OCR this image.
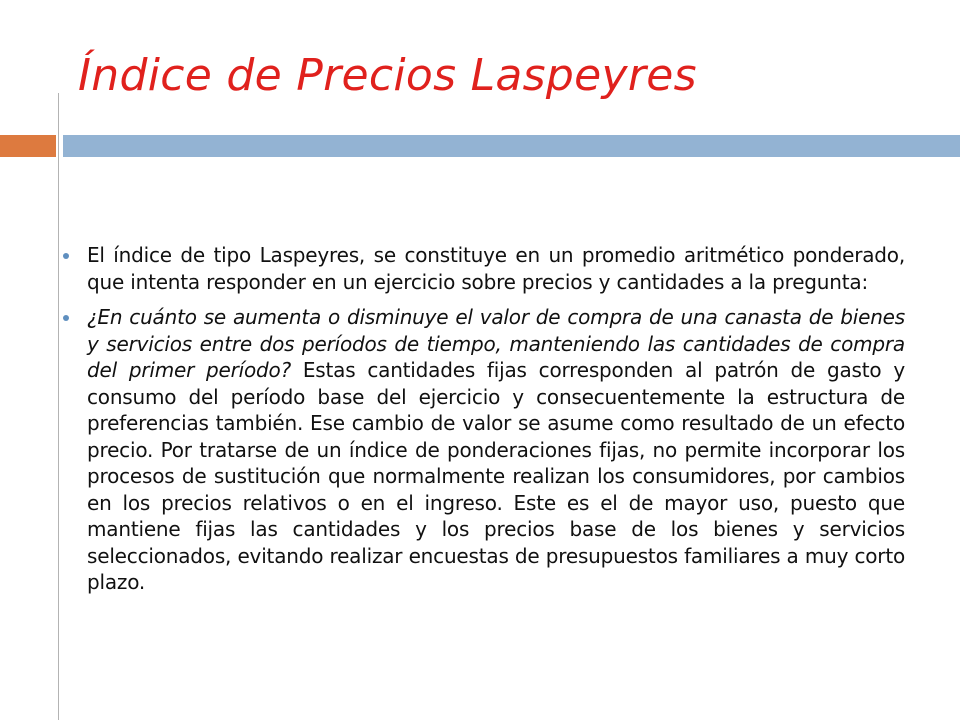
Índice de Precios Laspeyres
El índice de tipo Laspeyres, se constituye en un promedio aritmético ponderado, que intenta responder en un ejercicio sobre precios y cantidades a la pregunta:
¿En cuánto se aumenta o disminuye el valor de compra de una canasta de bienes y servicios entre dos períodos de tiempo, manteniendo las cantidades de compra del primer período? Estas cantidades fijas corresponden al patrón de gasto y consumo del período base del ejercicio y consecuentemente la estructura de preferencias también. Ese cambio de valor se asume como resultado de un efecto precio. Por tratarse de un índice de ponderaciones fijas, no permite incorporar los procesos de sustitución que normalmente realizan los consumidores, por cambios en los precios relativos o en el ingreso. Este es el de mayor uso, puesto que mantiene fijas las cantidades y los precios base de los bienes y servicios seleccionados, evitando realizar encuestas de presupuestos familiares a muy corto plazo.
